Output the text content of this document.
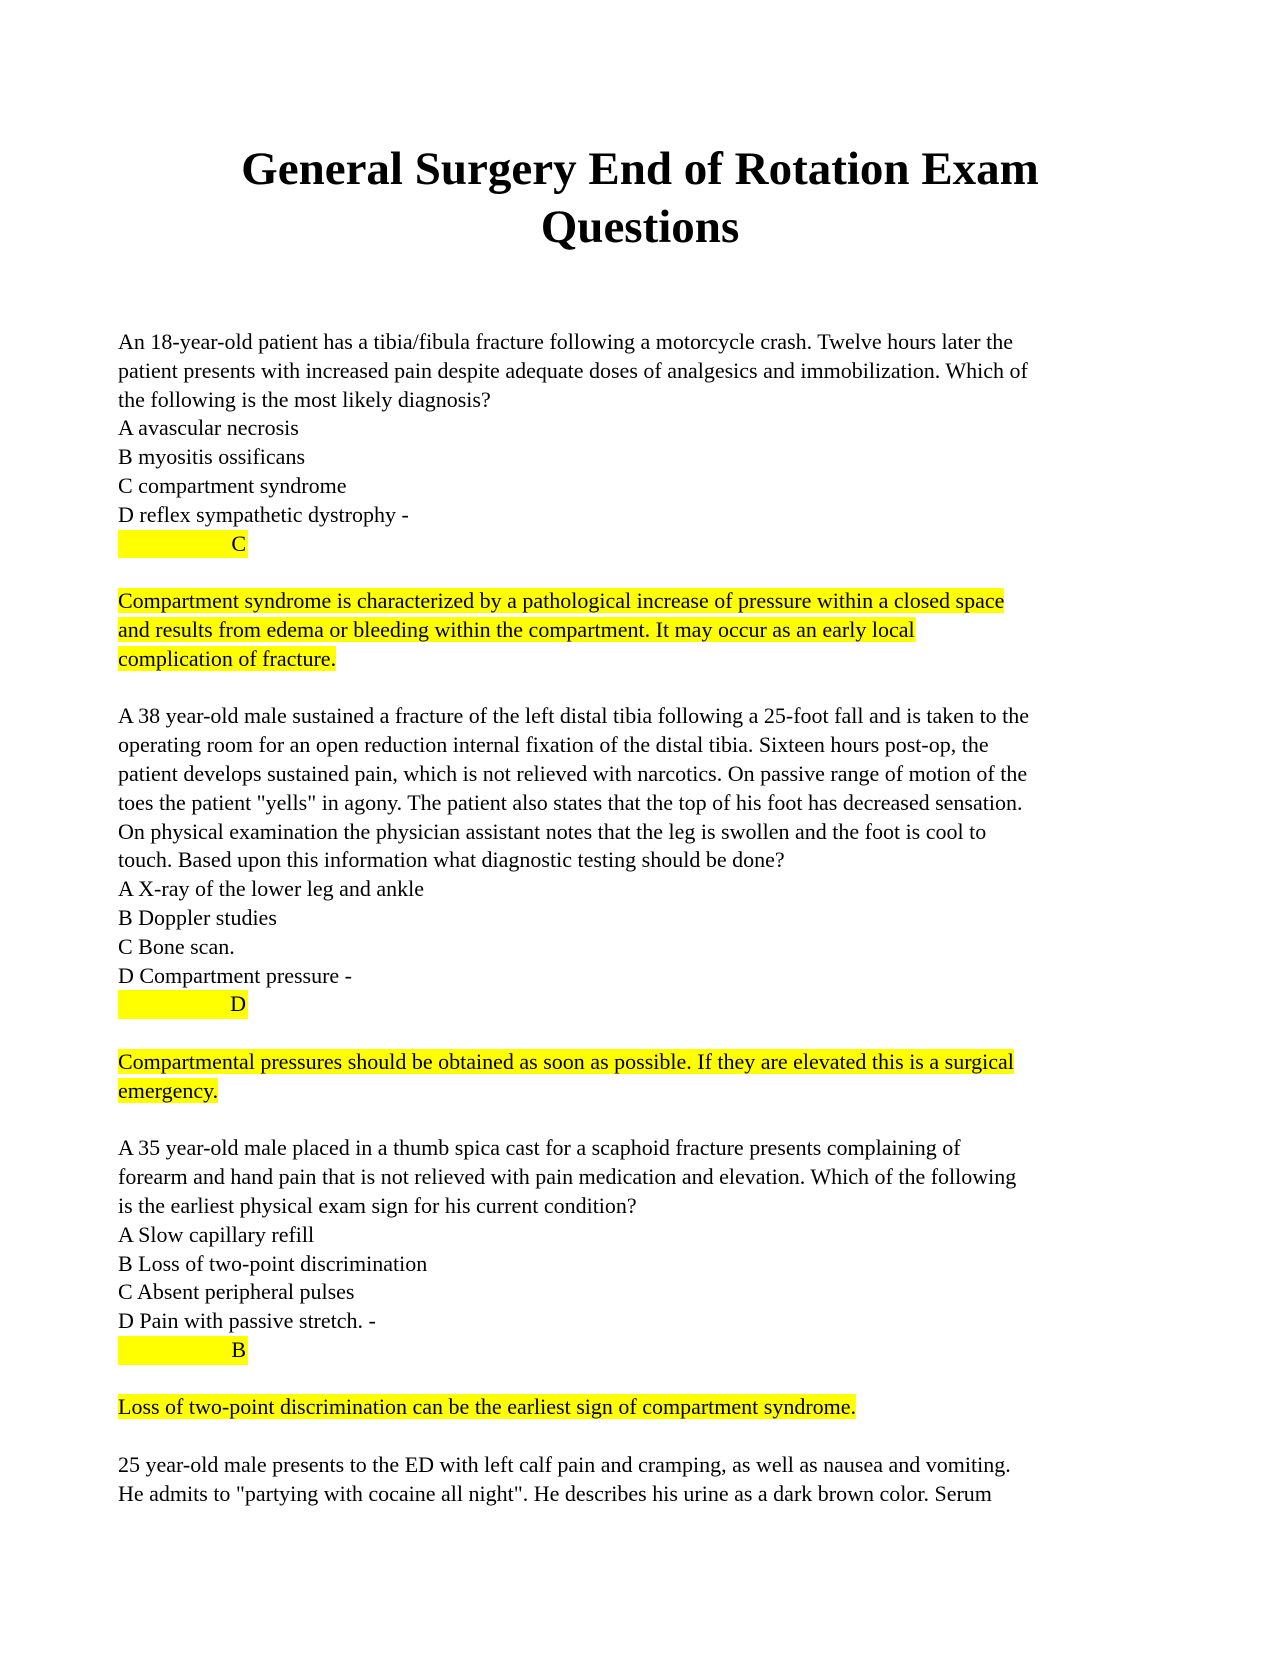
General Surgery End of Rotation Exam
Questions

An 18-year-old patient has a tibia/fibula fracture following a motorcycle crash. Twelve hours later the
patient presents with increased pain despite adequate doses of analgesics and immobilization. Which of
the following is the most likely diagnosis?

A avascular necrosis

B myositis ossificans

C compartment syndrome

D reflex sympathetic dystrophy -

C

Compartment syndrome is characterized by a pathological increase of pressure within a closed space
and results from edema or bleeding within the compartment. It may occur as an early local
complication of fracture.

A 38 year-old male sustained a fracture of the left distal tibia following a 25-foot fall and is taken to the
operating room for an open reduction internal fixation of the distal tibia. Sixteen hours post-op, the
patient develops sustained pain, which is not relieved with narcotics. On passive range of motion of the
toes the patient "yells" in agony. The patient also states that the top of his foot has decreased sensation.
On physical examination the physician assistant notes that the leg is swollen and the foot is cool to
touch. Based upon this information what diagnostic testing should be done?

A X-ray of the lower leg and ankle

B Doppler studies

C Bone scan.

D Compartment pressure -

D

Compartmental pressures should be obtained as soon as possible. If they are elevated this is a surgical
emergency.

A 35 year-old male placed in a thumb spica cast for a scaphoid fracture presents complaining of
forearm and hand pain that is not relieved with pain medication and elevation. Which of the following
is the earliest physical exam sign for his current condition?

A Slow capillary refill

B Loss of two-point discrimination

C Absent peripheral pulses

D Pain with passive stretch. -

B

Loss of two-point discrimination can be the earliest sign of compartment syndrome.

25 year-old male presents to the ED with left calf pain and cramping, as well as nausea and vomiting.
He admits to "partying with cocaine all night". He describes his urine as a dark brown color. Serum
